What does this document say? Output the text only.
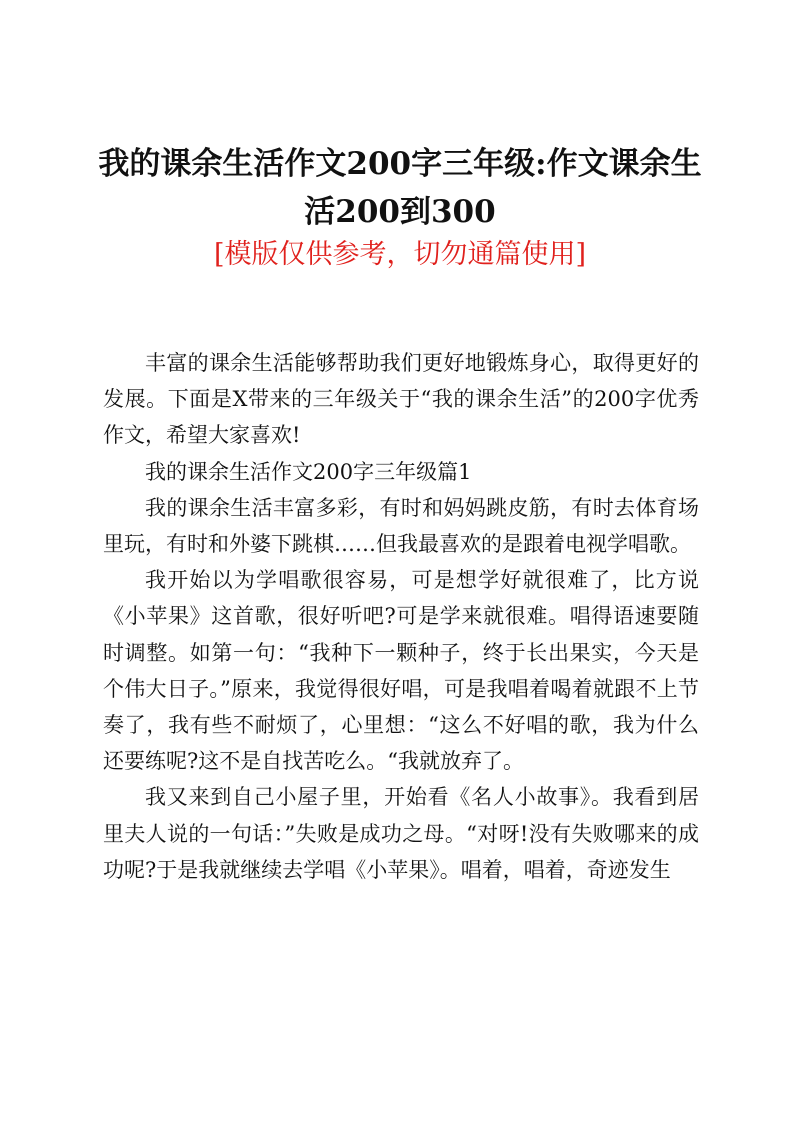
我的课余生活作文200字三年级:作文课余生
活200到300

[模版仅供参考，切勿通篇使用]

丰富的课余生活能够帮助我们更好地锻炼身心，取得更好的发展。下面是X带来的三年级关于“我的课余生活”的200字优秀作文，希望大家喜欢!

我的课余生活作文200字三年级篇1

我的课余生活丰富多彩，有时和妈妈跳皮筋，有时去体育场里玩，有时和外婆下跳棋……但我最喜欢的是跟着电视学唱歌。

我开始以为学唱歌很容易，可是想学好就很难了，比方说《小苹果》这首歌，很好听吧?可是学来就很难。唱得语速要随时调整。如第一句：“我种下一颗种子，终于长出果实，今天是个伟大日子。”原来，我觉得很好唱，可是我唱着喝着就跟不上节奏了，我有些不耐烦了，心里想：“这么不好唱的歌，我为什么还要练呢?这不是自找苦吃么。“我就放弃了。

我又来到自己小屋子里，开始看《名人小故事》。我看到居里夫人说的一句话：”失败是成功之母。“对呀!没有失败哪来的成功呢?于是我就继续去学唱《小苹果》。唱着，唱着，奇迹发生
